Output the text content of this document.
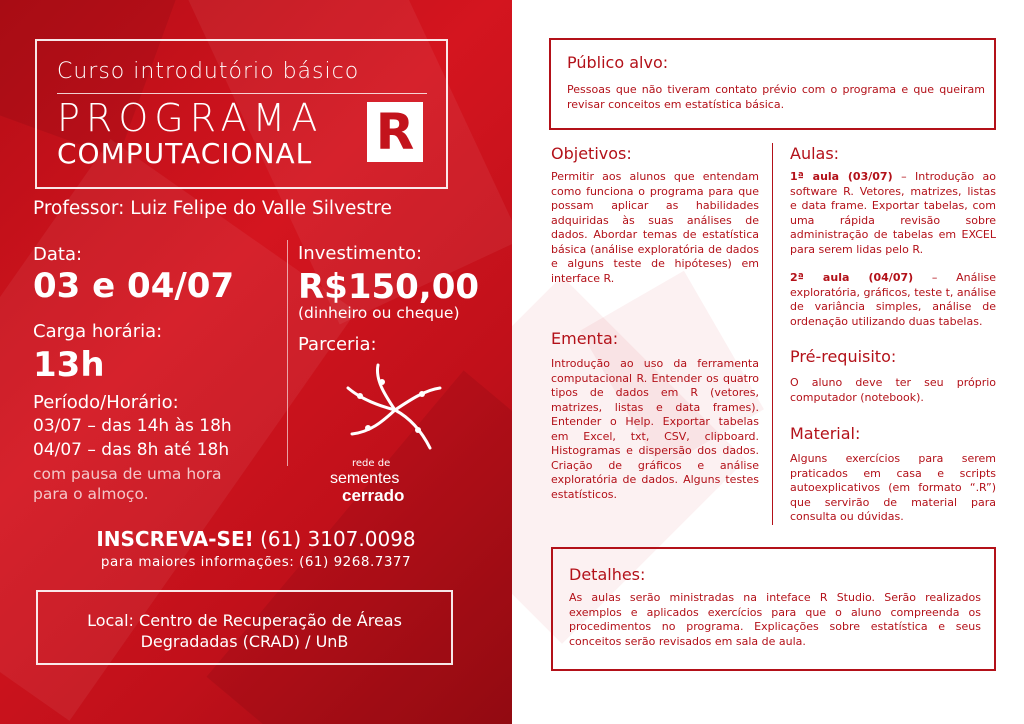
Curso introdutório básico
PROGRAMA
COMPUTACIONAL R
Professor: Luiz Felipe do Valle Silvestre
Data:
03 e 04/07
Carga horária:
13h
Período/Horário:
03/07 – das 14h às 18h
04/07 – das 8h até 18h
com pausa de uma hora
para o almoço.
Investimento:
R$150,00
(dinheiro ou cheque)
Parceria:
rede de
sementes
cerrado
INSCREVA-SE! (61) 3107.0098
para maiores informações: (61) 9268.7377
Local: Centro de Recuperação de Áreas
Degradadas (CRAD) / UnB
Público alvo:
Pessoas que não tiveram contato prévio com o programa e que queiram revisar conceitos em estatística básica.
Objetivos:
Permitir aos alunos que entendam como funciona o programa para que possam aplicar as habilidades adquiridas às suas análises de dados. Abordar temas de estatística básica (análise exploratória de dados e alguns teste de hipóteses) em interface R.
Ementa:
Introdução ao uso da ferramenta computacional R. Entender os quatro tipos de dados em R (vetores, matrizes, listas e data frames). Entender o Help. Exportar tabelas em Excel, txt, CSV, clipboard. Histogramas e dispersão dos dados. Criação de gráficos e análise exploratória de dados. Alguns testes estatísticos.
Aulas:
1ª aula (03/07) – Introdução ao software R. Vetores, matrizes, listas e data frame. Exportar tabelas, com uma rápida revisão sobre administração de tabelas em EXCEL para serem lidas pelo R.
2ª aula (04/07) – Análise exploratória, gráficos, teste t, análise de variância simples, análise de ordenação utilizando duas tabelas.
Pré-requisito:
O aluno deve ter seu próprio computador (notebook).
Material:
Alguns exercícios para serem praticados em casa e scripts autoexplicativos (em formato “.R”) que servirão de material para consulta ou dúvidas.
Detalhes:
As aulas serão ministradas na inteface R Studio. Serão realizados exemplos e aplicados exercícios para que o aluno compreenda os procedimentos no programa. Explicações sobre estatística e seus conceitos serão revisados em sala de aula.
